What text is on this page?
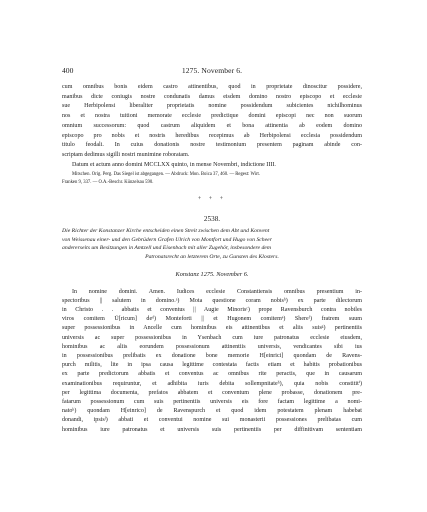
400	1275. November 6.
cum omnibus bonis eidem castro attinentibus, quod in proprietate dinoscitur possidere,
manibus dicte coniugis nostre condunatis damus eisdem domino nostro episcopo et ecclesie
sue Herbipolensi liberaliter proprietatis nomine possidendum subicientes nichilhominus
nos et nostra tuitioni memorate ecclesie predictique domini episcopi nec non suorum
omnium successorum: quod castrum aliquidem et bona attinentia ab eodem domino
episcopo pro nobis et nostris heredibus recepimus ab Herbipolensi ecclesia possidendum
titulo feodali. In cuius donationis nostre testimonium presentem paginam abinde con-
scriptam dedimus sigilli nostri munimine roboratam.
Datum et actum anno domini MCCLXX quinto, in mense Novembri, indictione IIII.
Mitschen. Orig. Perg. Das Siegel ist abgegangen. — Abdruck: Mon. Boica 37, 460. — Regest: Wirt.
Franken 9, 337. — O.A.-Beschr. Künzelsau 590.
+ + +
2538.
Die Richter der Konstanzer Kirche entscheiden einen Streit zwischen dem Abt und Konvent
von Weissenau einer- und den Gebrüdern Grafen Ulrich von Montfort und Hugo von Scheer
andererseits um Besitzungen in Amtzell und Eisenbach mit aller Zugehör, insbesondere dem
Patronatsrecht an letzterem Orte, zu Gunsten des Klosters.
Konstanz 1275. November 6.
In nomine domini. Amen. Iudices ecclesie Constantiensis omnibus presentium in-
spectoribus || salutem in domino.ᵃ) Mota questione coram nobisᵇ) ex parte dilectorum
in Christo . . abbatis et conventus || Augie Minorisᶜ) prope Ravensburch contra nobiles
viros comitem Ǘ[ricum] deᵈ) Monteforti || et Hugonem comitemᵉ) Shereᶠ) fratrem suum
super possessionibus in Ancelle cum hominibus eis attinentibus et aliis suisᵍ) pertinentiis
universis ac super possessionibus in Ysenbach cum iure patronatus ecclesie eiusdem,
hominibus ac aliis eorundem possessionum attinentiis universis, vendicantes sibi ius
in possessionibus prelibatis ex donatione bone memorie H[einrici] quondam de Ravens-
purch militis, lite in ipsa causa legittime contestata factis etiam et habitis probationibus
ex parte predictorum abbatis et conventus ac omnibus rite peractis, que in causarum
examinationibus requiruntur, et adhibita iuris debita sollempnitateʰ), quia nobis constititⁱ)
per legittima documenta, prefatos abbatem et conventum plene probasse, donationem pre-
fatarum possessionum cum suis pertinentiis universis eis fore factam legittime a nomi-
natoᵏ) quondam H[einrico] de Ravenspurch et quod idem potestatem plenam habebat
donandi, ipsisˡ) abbati et conventui nomine sui monasterii possessiones prelibatas cum
hominibus iure patronatus et universis suis pertinentiis per diffinitivam sententiam
